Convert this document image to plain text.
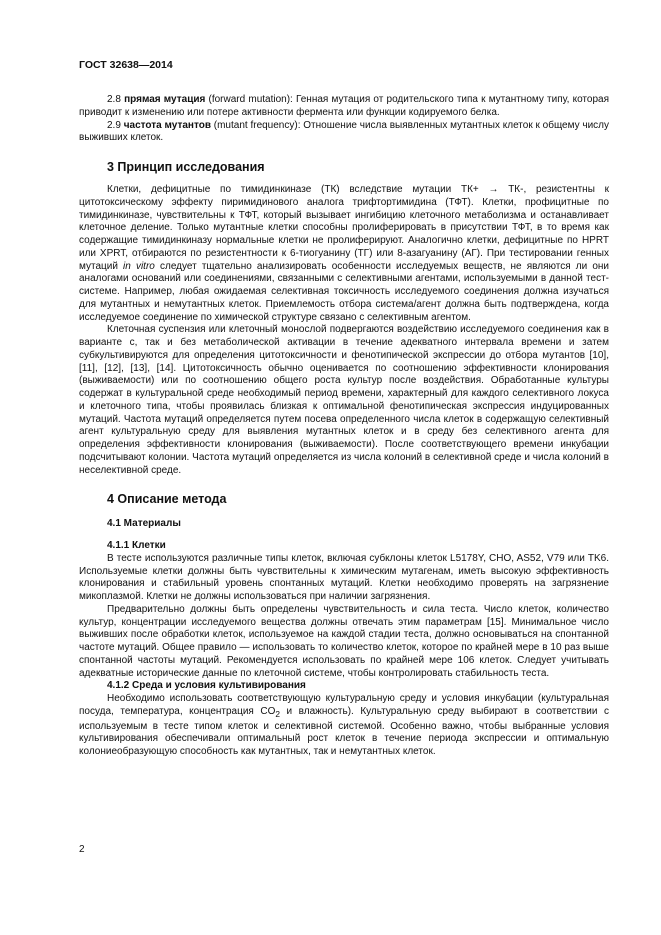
ГОСТ 32638—2014

2.8 прямая мутация (forward mutation): Генная мутация от родительского типа к мутантному типу, которая приводит к изменению или потере активности фермента или функции кодируемого белка.

2.9 частота мутантов (mutant frequency): Отношение числа выявленных мутантных клеток к общему числу выживших клеток.

3 Принцип исследования

Клетки, дефицитные по тимидинкиназе (ТК) вследствие мутации ТК+ → ТК-, резистентны к цитотоксическому эффекту пиримидинового аналога трифтортимидина (ТФТ). Клетки, профицитные по тимидинкиназе, чувствительны к ТФТ, который вызывает ингибицию клеточного метаболизма и останавливает клеточное деление. Только мутантные клетки способны пролиферировать в присутствии ТФТ, в то время как содержащие тимидинкиназу нормальные клетки не пролиферируют. Аналогично клетки, дефицитные по HPRT или XPRT, отбираются по резистентности к 6-тиогуанину (ТГ) или 8-азагуанину (АГ). При тестировании генных мутаций in vitro следует тщательно анализировать особенности исследуемых веществ, не являются ли они аналогами оснований или соединениями, связанными с селективными агентами, используемыми в данной тест-системе. Например, любая ожидаемая селективная токсичность исследуемого соединения должна изучаться для мутантных и немутантных клеток. Приемлемость отбора система/агент должна быть подтверждена, когда исследуемое соединение по химической структуре связано с селективным агентом.

Клеточная суспензия или клеточный монослой подвергаются воздействию исследуемого соединения как в варианте с, так и без метаболической активации в течение адекватного интервала времени и затем субкультивируются для определения цитотоксичности и фенотипической экспрессии до отбора мутантов [10], [11], [12], [13], [14]. Цитотоксичность обычно оценивается по соотношению эффективности клонирования (выживаемости) или по соотношению общего роста культур после воздействия. Обработанные культуры содержат в культуральной среде необходимый период времени, характерный для каждого селективного локуса и клеточного типа, чтобы проявилась близкая к оптимальной фенотипическая экспрессия индуцированных мутаций. Частота мутаций определяется путем посева определенного числа клеток в содержащую селективный агент культуральную среду для выявления мутантных клеток и в среду без селективного агента для определения эффективности клонирования (выживаемости). После соответствующего времени инкубации подсчитывают колонии. Частота мутаций определяется из числа колоний в селективной среде и числа колоний в неселективной среде.

4 Описание метода
4.1 Материалы
4.1.1 Клетки

В тесте используются различные типы клеток, включая субклоны клеток L5178Y, CHO, AS52, V79 или TK6. Используемые клетки должны быть чувствительны к химическим мутагенам, иметь высокую эффективность клонирования и стабильный уровень спонтанных мутаций. Клетки необходимо проверять на загрязнение микоплазмой. Клетки не должны использоваться при наличии загрязнения.

Предварительно должны быть определены чувствительность и сила теста. Число клеток, количество культур, концентрации исследуемого вещества должны отвечать этим параметрам [15]. Минимальное число выживших после обработки клеток, используемое на каждой стадии теста, должно основываться на спонтанной частоте мутаций. Общее правило — использовать то количество клеток, которое по крайней мере в 10 раз выше спонтанной частоты мутаций. Рекомендуется использовать по крайней мере 106 клеток. Следует учитывать адекватные исторические данные по клеточной системе, чтобы контролировать стабильность теста.

4.1.2 Среда и условия культивирования

Необходимо использовать соответствующую культуральную среду и условия инкубации (культуральная посуда, температура, концентрация $CO_2$ и влажность). Культуральную среду выбирают в соответствии с используемым в тесте типом клеток и селективной системой. Особенно важно, чтобы выбранные условия культивирования обеспечивали оптимальный рост клеток в течение периода экспрессии и оптимальную колониеобразующую способность как мутантных, так и немутантных клеток.

2
